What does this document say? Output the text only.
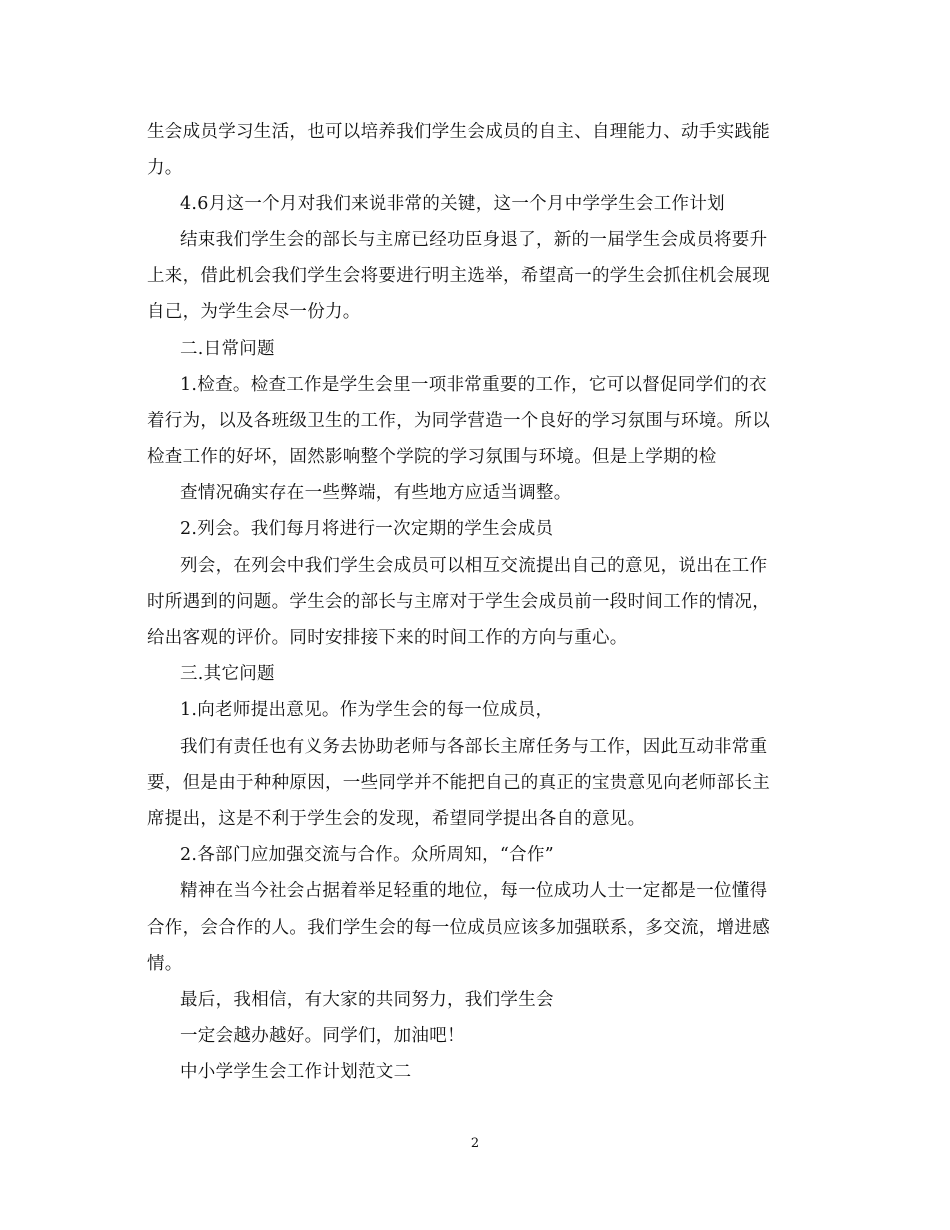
生会成员学习生活，也可以培养我们学生会成员的自主、自理能力、动手实践能
力。
4.6月这一个月对我们来说非常的关键，这一个月中学学生会工作计划
结束我们学生会的部长与主席已经功臣身退了，新的一届学生会成员将要升
上来，借此机会我们学生会将要进行明主选举，希望高一的学生会抓住机会展现
自己，为学生会尽一份力。
二.日常问题
1.检查。检查工作是学生会里一项非常重要的工作，它可以督促同学们的衣
着行为，以及各班级卫生的工作，为同学营造一个良好的学习氛围与环境。所以
检查工作的好坏，固然影响整个学院的学习氛围与环境。但是上学期的检
查情况确实存在一些弊端，有些地方应适当调整。
2.列会。我们每月将进行一次定期的学生会成员
列会，在列会中我们学生会成员可以相互交流提出自己的意见，说出在工作
时所遇到的问题。学生会的部长与主席对于学生会成员前一段时间工作的情况，
给出客观的评价。同时安排接下来的时间工作的方向与重心。
三.其它问题
1.向老师提出意见。作为学生会的每一位成员，
我们有责任也有义务去协助老师与各部长主席任务与工作，因此互动非常重
要，但是由于种种原因，一些同学并不能把自己的真正的宝贵意见向老师部长主
席提出，这是不利于学生会的发现，希望同学提出各自的意见。
2.各部门应加强交流与合作。众所周知，“合作”
精神在当今社会占据着举足轻重的地位，每一位成功人士一定都是一位懂得
合作，会合作的人。我们学生会的每一位成员应该多加强联系，多交流，增进感
情。
最后，我相信，有大家的共同努力，我们学生会
一定会越办越好。同学们，加油吧！
中小学学生会工作计划范文二
2
